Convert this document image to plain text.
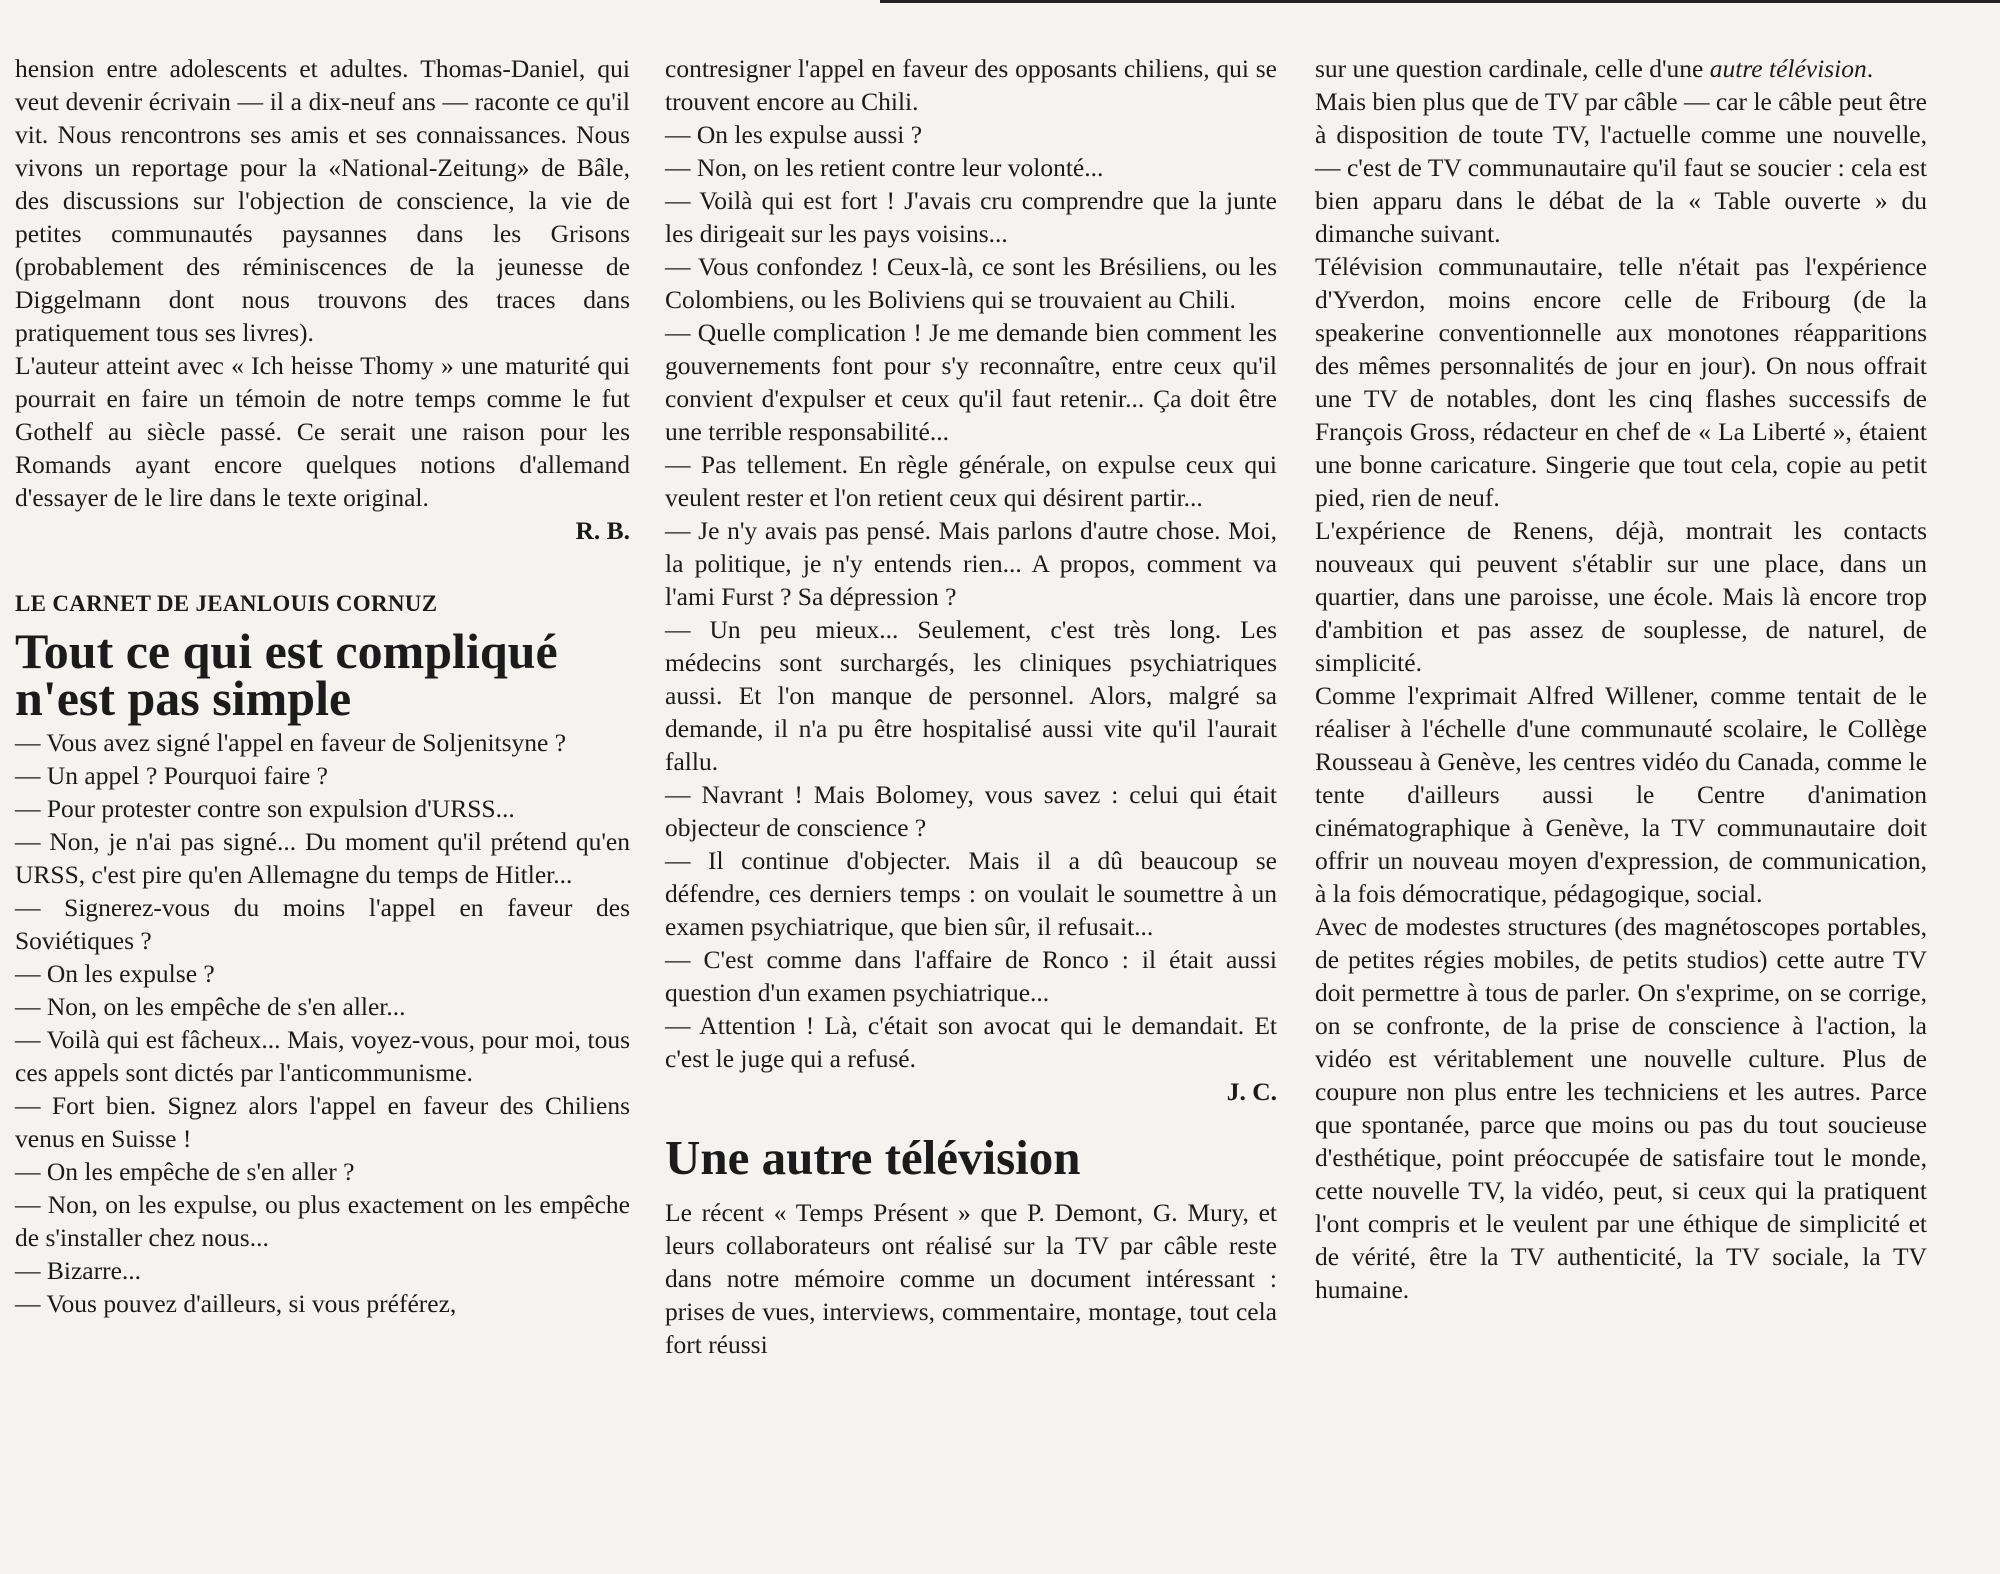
hension entre adolescents et adultes. Thomas-Daniel, qui veut devenir écrivain — il a dix-neuf ans — raconte ce qu'il vit. Nous rencontrons ses amis et ses connaissances. Nous vivons un reportage pour la «National-Zeitung» de Bâle, des discussions sur l'objection de conscience, la vie de petites communautés paysannes dans les Grisons (probablement des réminiscences de la jeunesse de Diggelmann dont nous trouvons des traces dans pratiquement tous ses livres).

L'auteur atteint avec « Ich heisse Thomy » une maturité qui pourrait en faire un témoin de notre temps comme le fut Gothelf au siècle passé. Ce serait une raison pour les Romands ayant encore quelques notions d'allemand d'essayer de le lire dans le texte original.

R. B.

LE CARNET DE JEANLOUIS CORNUZ

Tout ce qui est compliqué
n'est pas simple

— Vous avez signé l'appel en faveur de Soljenitsyne ?

— Un appel ? Pourquoi faire ?

— Pour protester contre son expulsion d'URSS...

— Non, je n'ai pas signé... Du moment qu'il prétend qu'en URSS, c'est pire qu'en Allemagne du temps de Hitler...

— Signerez-vous du moins l'appel en faveur des Soviétiques ?

— On les expulse ?

— Non, on les empêche de s'en aller...

— Voilà qui est fâcheux... Mais, voyez-vous, pour moi, tous ces appels sont dictés par l'anticommunisme.

— Fort bien. Signez alors l'appel en faveur des Chiliens venus en Suisse !

— On les empêche de s'en aller ?

— Non, on les expulse, ou plus exactement on les empêche de s'installer chez nous...

— Bizarre...

— Vous pouvez d'ailleurs, si vous préférez,

contresigner l'appel en faveur des opposants chiliens, qui se trouvent encore au Chili.

— On les expulse aussi ?

— Non, on les retient contre leur volonté...

— Voilà qui est fort ! J'avais cru comprendre que la junte les dirigeait sur les pays voisins...

— Vous confondez ! Ceux-là, ce sont les Brésiliens, ou les Colombiens, ou les Boliviens qui se trouvaient au Chili.

— Quelle complication ! Je me demande bien comment les gouvernements font pour s'y reconnaître, entre ceux qu'il convient d'expulser et ceux qu'il faut retenir... Ça doit être une terrible responsabilité...

— Pas tellement. En règle générale, on expulse ceux qui veulent rester et l'on retient ceux qui désirent partir...

— Je n'y avais pas pensé. Mais parlons d'autre chose. Moi, la politique, je n'y entends rien... A propos, comment va l'ami Furst ? Sa dépression ?

— Un peu mieux... Seulement, c'est très long. Les médecins sont surchargés, les cliniques psychiatriques aussi. Et l'on manque de personnel. Alors, malgré sa demande, il n'a pu être hospitalisé aussi vite qu'il l'aurait fallu.

— Navrant ! Mais Bolomey, vous savez : celui qui était objecteur de conscience ?

— Il continue d'objecter. Mais il a dû beaucoup se défendre, ces derniers temps : on voulait le soumettre à un examen psychiatrique, que bien sûr, il refusait...

— C'est comme dans l'affaire de Ronco : il était aussi question d'un examen psychiatrique...

— Attention ! Là, c'était son avocat qui le demandait. Et c'est le juge qui a refusé.

J. C.

Une autre télévision

Le récent « Temps Présent » que P. Demont, G. Mury, et leurs collaborateurs ont réalisé sur la TV par câble reste dans notre mémoire comme un document intéressant : prises de vues, interviews, commentaire, montage, tout cela fort réussi

sur une question cardinale, celle d'une autre télévision.

Mais bien plus que de TV par câble — car le câble peut être à disposition de toute TV, l'actuelle comme une nouvelle, — c'est de TV communautaire qu'il faut se soucier : cela est bien apparu dans le débat de la « Table ouverte » du dimanche suivant.

Télévision communautaire, telle n'était pas l'expérience d'Yverdon, moins encore celle de Fribourg (de la speakerine conventionnelle aux monotones réapparitions des mêmes personnalités de jour en jour). On nous offrait une TV de notables, dont les cinq flashes successifs de François Gross, rédacteur en chef de « La Liberté », étaient une bonne caricature. Singerie que tout cela, copie au petit pied, rien de neuf.

L'expérience de Renens, déjà, montrait les contacts nouveaux qui peuvent s'établir sur une place, dans un quartier, dans une paroisse, une école. Mais là encore trop d'ambition et pas assez de souplesse, de naturel, de simplicité.

Comme l'exprimait Alfred Willener, comme tentait de le réaliser à l'échelle d'une communauté scolaire, le Collège Rousseau à Genève, les centres vidéo du Canada, comme le tente d'ailleurs aussi le Centre d'animation cinématographique à Genève, la TV communautaire doit offrir un nouveau moyen d'expression, de communication, à la fois démocratique, pédagogique, social.

Avec de modestes structures (des magnétoscopes portables, de petites régies mobiles, de petits studios) cette autre TV doit permettre à tous de parler. On s'exprime, on se corrige, on se confronte, de la prise de conscience à l'action, la vidéo est véritablement une nouvelle culture. Plus de coupure non plus entre les techniciens et les autres. Parce que spontanée, parce que moins ou pas du tout soucieuse d'esthétique, point préoccupée de satisfaire tout le monde, cette nouvelle TV, la vidéo, peut, si ceux qui la pratiquent l'ont compris et le veulent par une éthique de simplicité et de vérité, être la TV authenticité, la TV sociale, la TV humaine.
